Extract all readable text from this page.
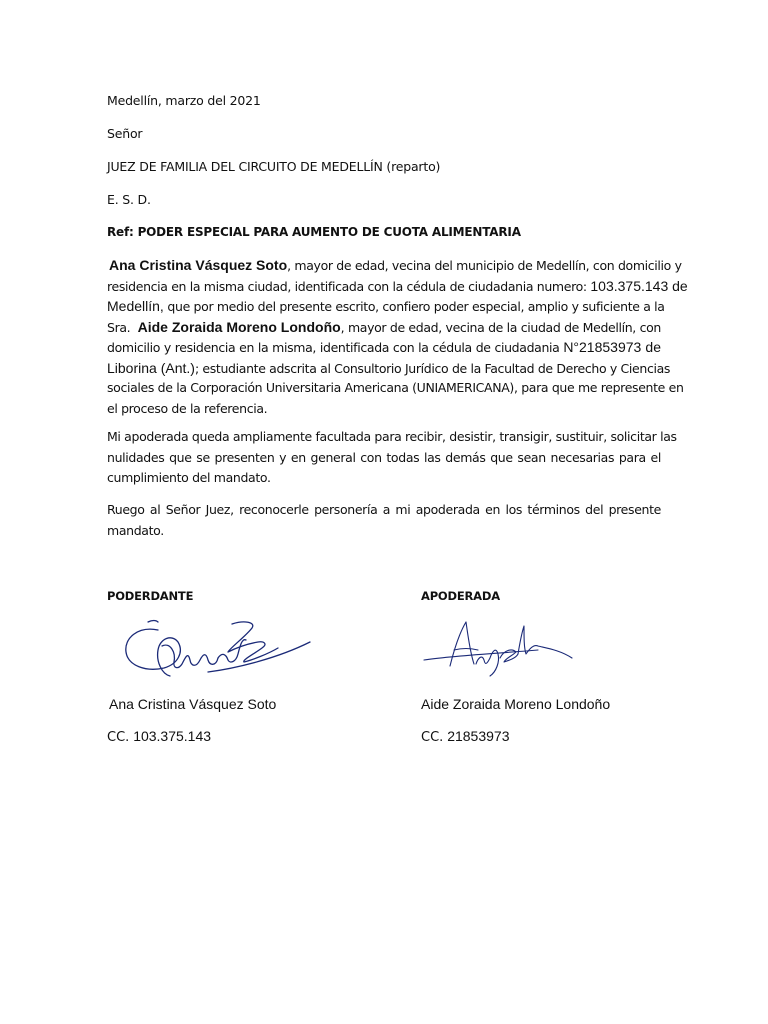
Medellín, marzo del 2021
Señor
JUEZ DE FAMILIA DEL CIRCUITO DE MEDELLÍN (reparto)
E. S. D.
Ref: PODER ESPECIAL PARA AUMENTO DE CUOTA ALIMENTARIA
Ana Cristina Vásquez Soto, mayor de edad, vecina del municipio de Medellín, con domicilio y
residencia en la misma ciudad, identificada con la cédula de ciudadania numero: 103.375.143 de
Medellín, que por medio del presente escrito, confiero poder especial, amplio y suficiente a la
Sra. Aide Zoraida Moreno Londoño, mayor de edad, vecina de la ciudad de Medellín, con
domicilio y residencia en la misma, identificada con la cédula de ciudadania N°21853973 de
Liborina (Ant.); estudiante adscrita al Consultorio Jurídico de la Facultad de Derecho y Ciencias
sociales de la Corporación Universitaria Americana (UNIAMERICANA), para que me represente en
el proceso de la referencia.
Mi apoderada queda ampliamente facultada para recibir, desistir, transigir, sustituir, solicitar las
nulidades que se presenten y en general con todas las demás que sean necesarias para el
cumplimiento del mandato.
Ruego al Señor Juez, reconocerle personería a mi apoderada en los términos del presente
mandato.
PODERDANTE	APODERADA
Ana Cristina Vásquez Soto	Aide Zoraida Moreno Londoño
CC. 103.375.143	CC. 21853973
